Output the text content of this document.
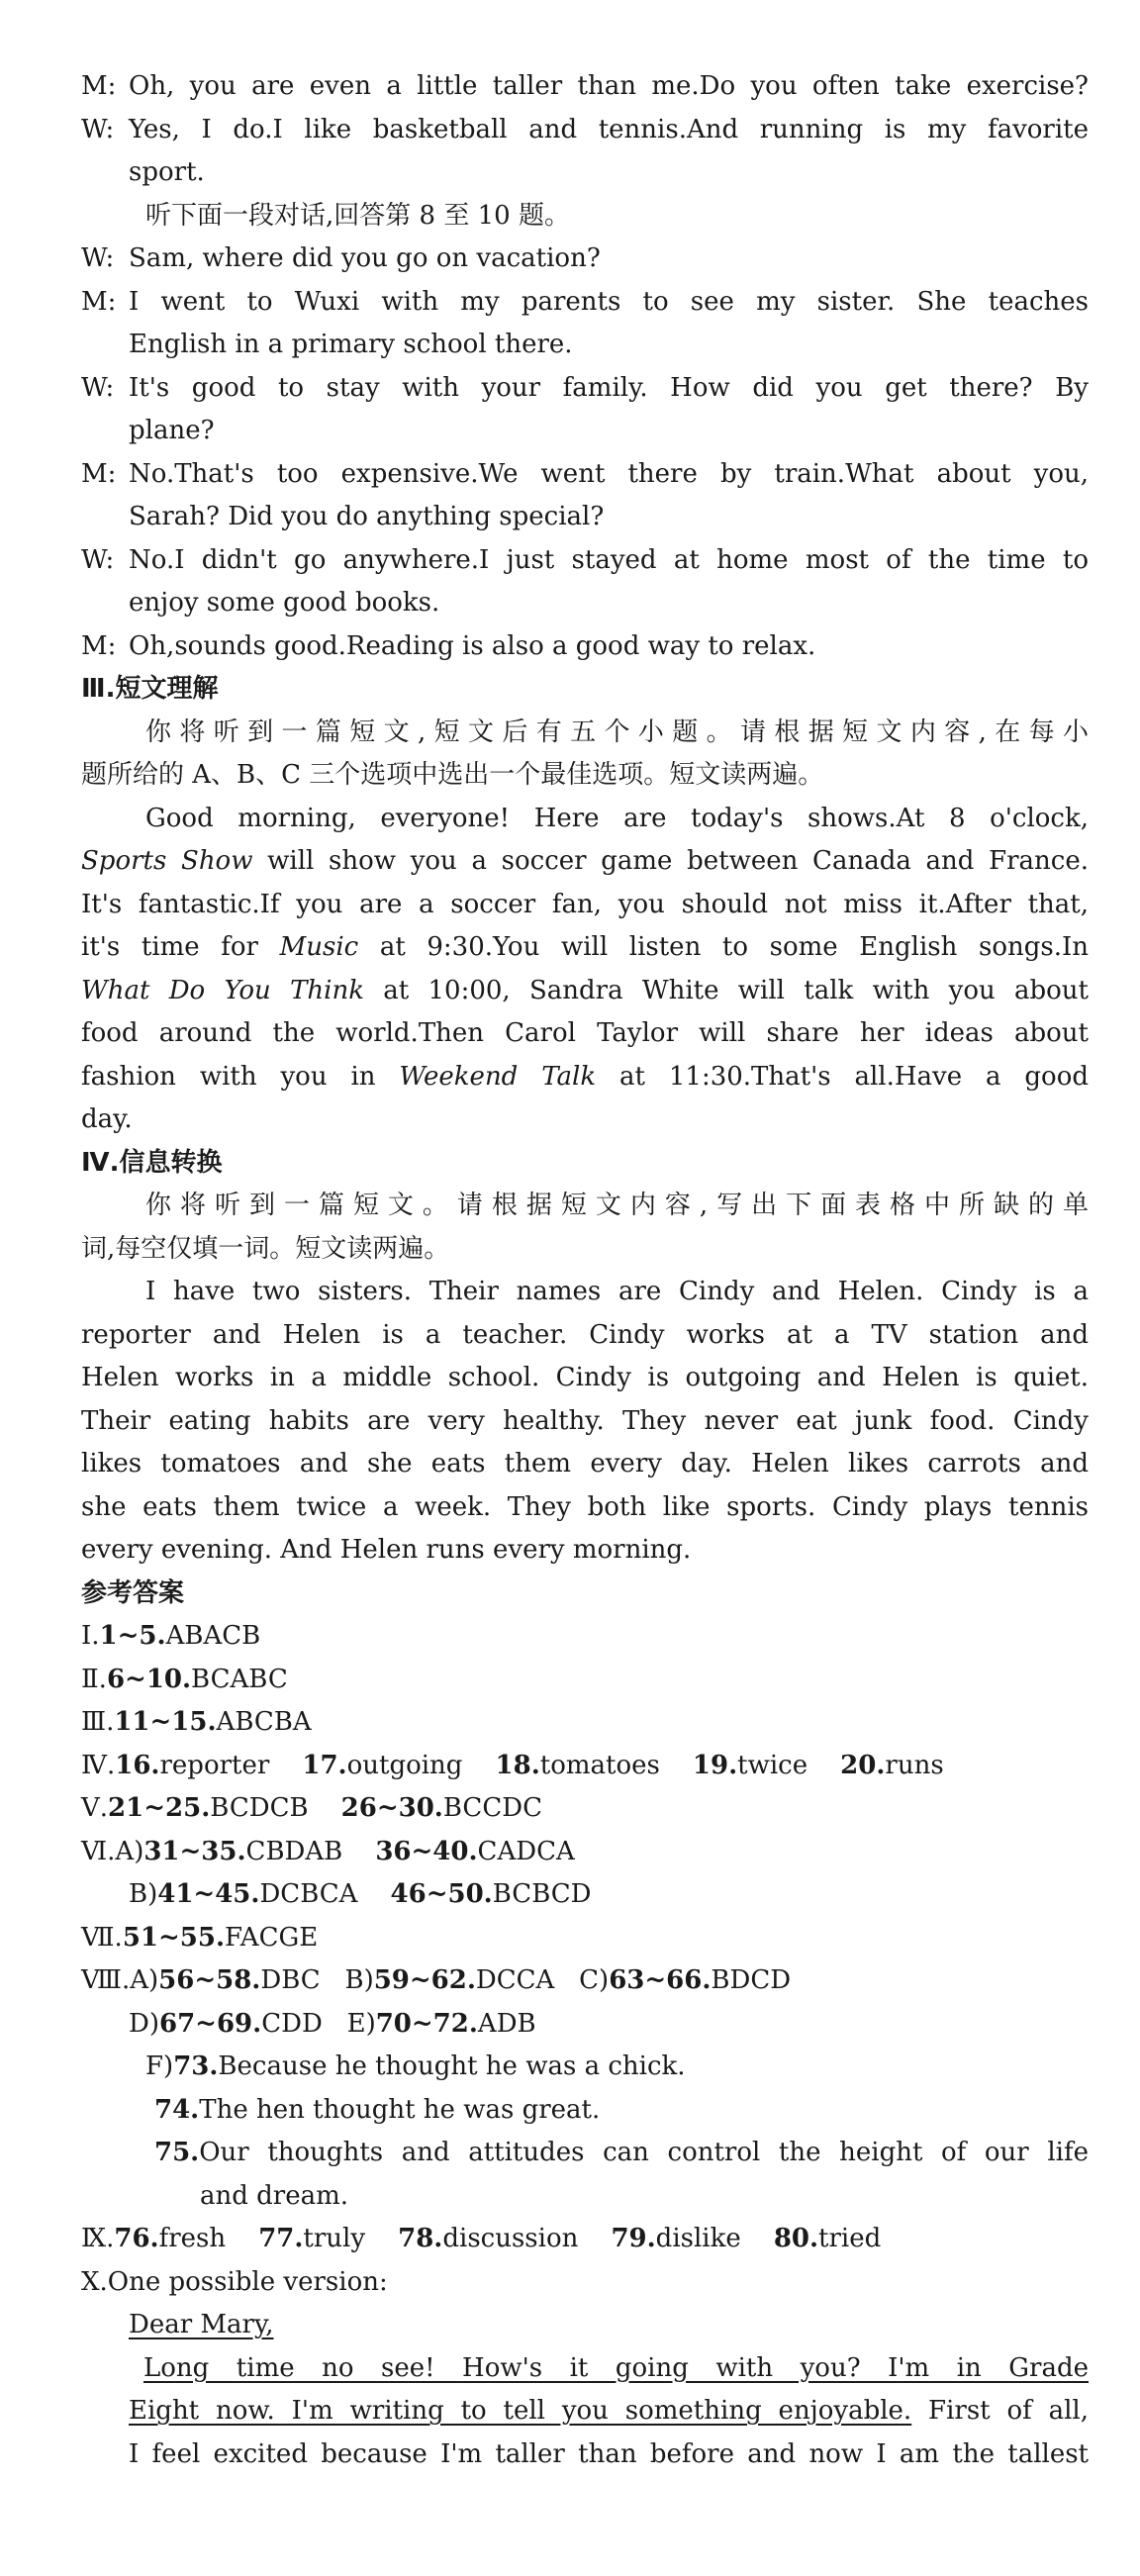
M: Oh, you are even a little taller than me.Do you often take exercise?
W: Yes, I do.I like basketball and tennis.And running is my favorite
sport.
听下面一段对话,回答第 8 至 10 题。
W: Sam, where did you go on vacation?
M: I went to Wuxi with my parents to see my sister. She teaches
English in a primary school there.
W: It's good to stay with your family. How did you get there? By
plane?
M: No.That's too expensive.We went there by train.What about you,
Sarah? Did you do anything special?
W: No.I didn't go anywhere.I just stayed at home most of the time to
enjoy some good books.
M: Oh,sounds good.Reading is also a good way to relax.
Ⅲ.短文理解
你将听到一篇短文,短文后有五个小题。请根据短文内容,在每小
题所给的 A、B、C 三个选项中选出一个最佳选项。短文读两遍。
Good morning, everyone! Here are today's shows.At 8 o'clock,
Sports Show will show you a soccer game between Canada and France.
It's fantastic.If you are a soccer fan, you should not miss it.After that,
it's time for Music at 9:30.You will listen to some English songs.In
What Do You Think at 10:00, Sandra White will talk with you about
food around the world.Then Carol Taylor will share her ideas about
fashion with you in Weekend Talk at 11:30.That's all.Have a good
day.
Ⅳ.信息转换
你将听到一篇短文。请根据短文内容,写出下面表格中所缺的单
词,每空仅填一词。短文读两遍。
I have two sisters. Their names are Cindy and Helen. Cindy is a
reporter and Helen is a teacher. Cindy works at a TV station and
Helen works in a middle school. Cindy is outgoing and Helen is quiet.
Their eating habits are very healthy. They never eat junk food. Cindy
likes tomatoes and she eats them every day. Helen likes carrots and
she eats them twice a week. They both like sports. Cindy plays tennis
every evening. And Helen runs every morning.
参考答案
Ⅰ.1~5.ABACB
Ⅱ.6~10.BCABC
Ⅲ.11~15.ABCBA
Ⅳ.16.reporter 17.outgoing 18.tomatoes 19.twice 20.runs
Ⅴ.21~25.BCDCB 26~30.BCCDC
Ⅵ.A)31~35.CBDAB 36~40.CADCA
B)41~45.DCBCA 46~50.BCBCD
Ⅶ.51~55.FACGE
Ⅷ.A)56~58.DBC B)59~62.DCCA C)63~66.BDCD
D)67~69.CDD E)70~72.ADB
F)73.Because he thought he was a chick.
74.The hen thought he was great.
75.Our thoughts and attitudes can control the height of our life
and dream.
Ⅸ.76.fresh 77.truly 78.discussion 79.dislike 80.tried
Ⅹ.One possible version:
Dear Mary,
Long time no see! How's it going with you? I'm in Grade
Eight now. I'm writing to tell you something enjoyable. First of all,
I feel excited because I'm taller than before and now I am the tallest
